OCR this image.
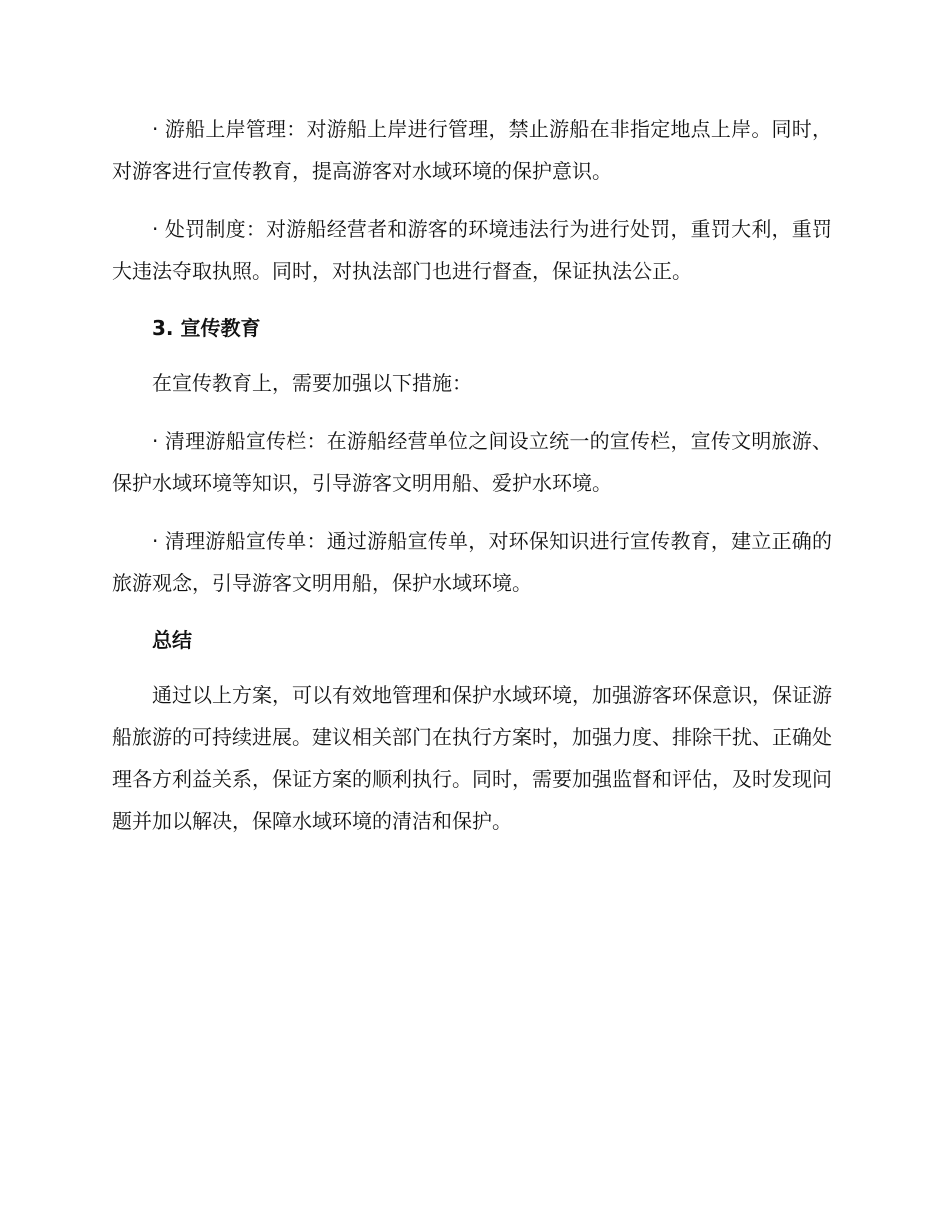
· 游船上岸管理：对游船上岸进行管理，禁止游船在非指定地点上岸。同时，对游客进行宣传教育，提高游客对水域环境的保护意识。

· 处罚制度：对游船经营者和游客的环境违法行为进行处罚，重罚大利，重罚大违法夺取执照。同时，对执法部门也进行督查，保证执法公正。

3. 宣传教育

在宣传教育上，需要加强以下措施：

· 清理游船宣传栏：在游船经营单位之间设立统一的宣传栏，宣传文明旅游、保护水域环境等知识，引导游客文明用船、爱护水环境。

· 清理游船宣传单：通过游船宣传单，对环保知识进行宣传教育，建立正确的旅游观念，引导游客文明用船，保护水域环境。

总结

通过以上方案，可以有效地管理和保护水域环境，加强游客环保意识，保证游船旅游的可持续进展。建议相关部门在执行方案时，加强力度、排除干扰、正确处理各方利益关系，保证方案的顺利执行。同时，需要加强监督和评估，及时发现问题并加以解决，保障水域环境的清洁和保护。
